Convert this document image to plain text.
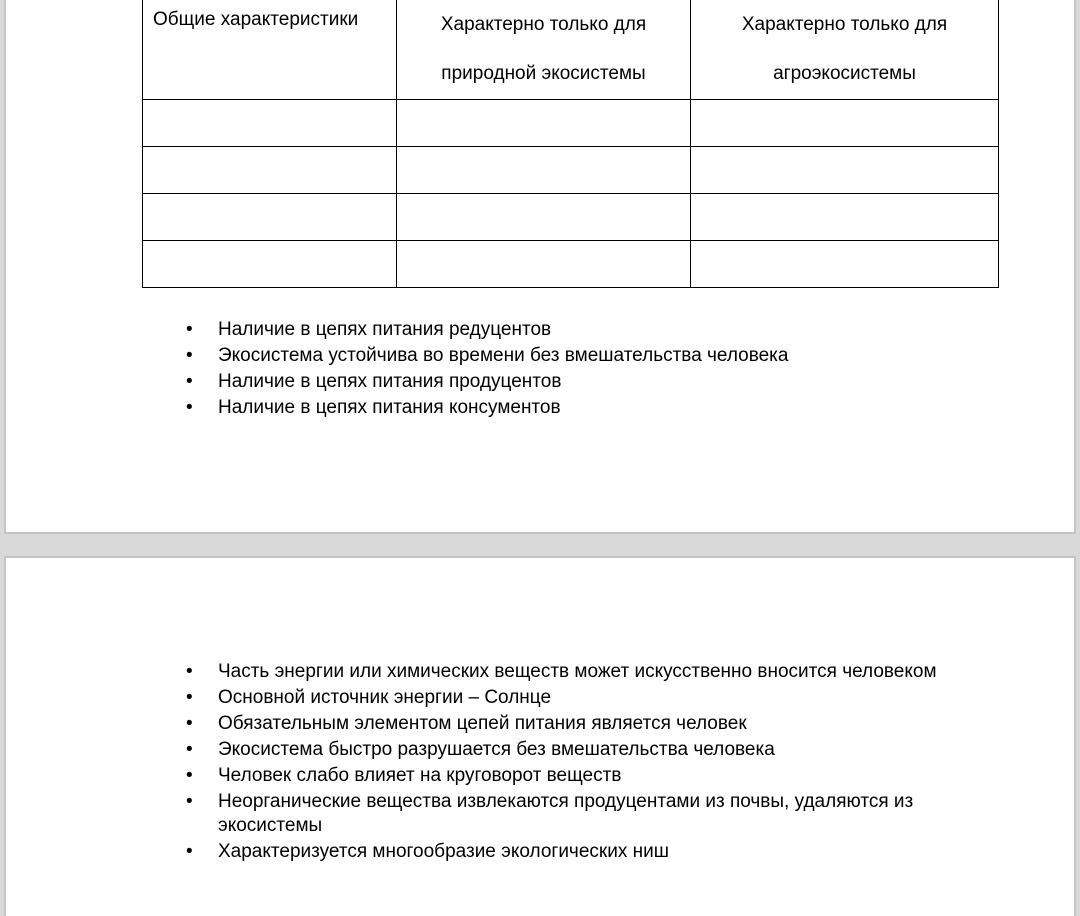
Общие характеристики	Характерно только для природной экосистемы	Характерно только для агроэкосистемы

• Наличие в цепях питания редуцентов
• Экосистема устойчива во времени без вмешательства человека
• Наличие в цепях питания продуцентов
• Наличие в цепях питания консументов
• Часть энергии или химических веществ может искусственно вносится человеком
• Основной источник энергии – Солнце
• Обязательным элементом цепей питания является человек
• Экосистема быстро разрушается без вмешательства человека
• Человек слабо влияет на круговорот веществ
• Неорганические вещества извлекаются продуцентами из почвы, удаляются из экосистемы
• Характеризуется многообразие экологических ниш
